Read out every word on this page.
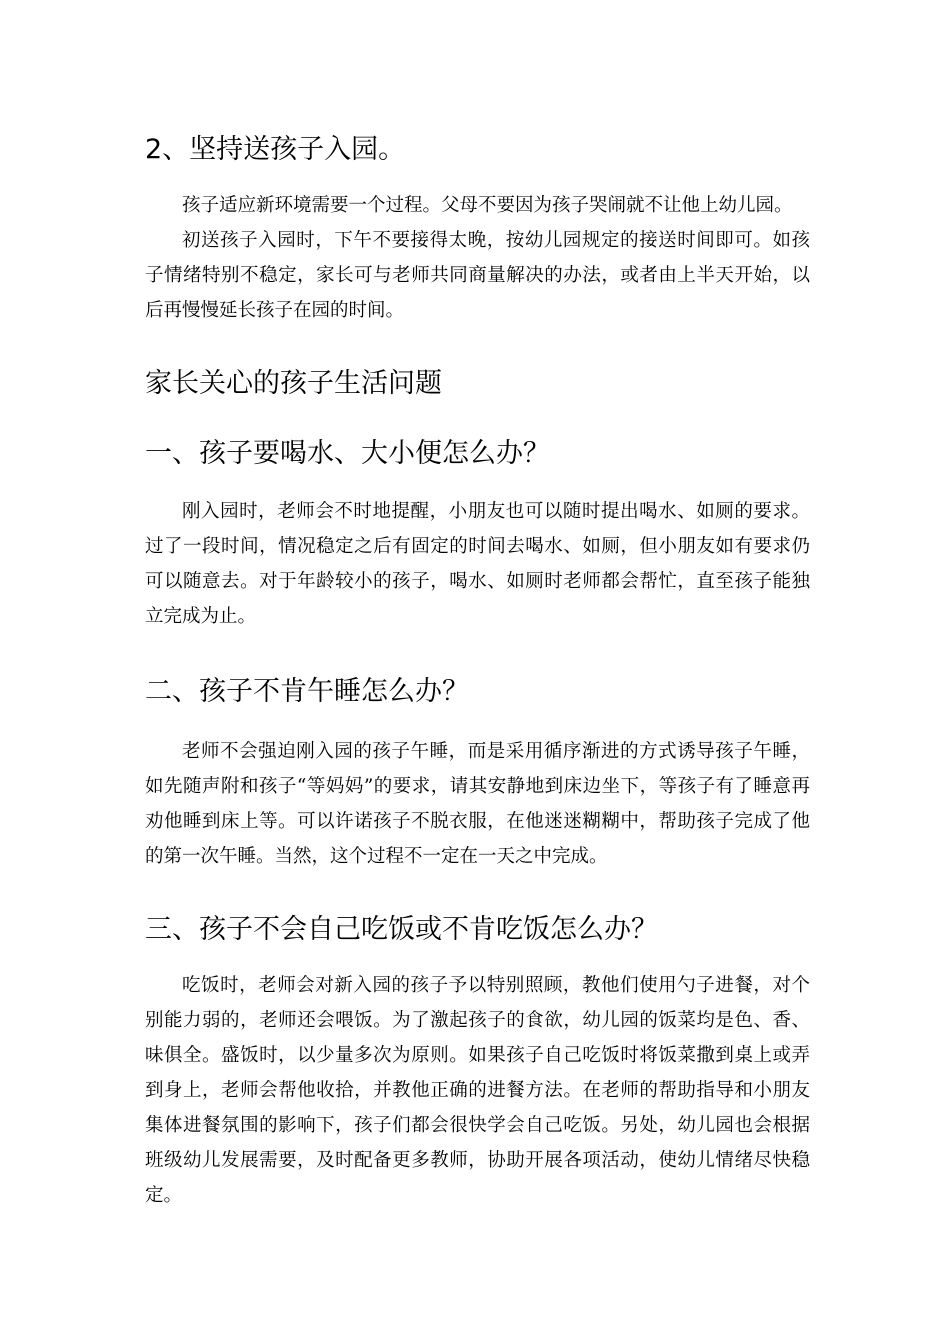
2、坚持送孩子入园。

孩子适应新环境需要一个过程。父母不要因为孩子哭闹就不让他上幼儿园。

初送孩子入园时，下午不要接得太晚，按幼儿园规定的接送时间即可。如孩子情绪特别不稳定，家长可与老师共同商量解决的办法，或者由上半天开始，以后再慢慢延长孩子在园的时间。

家长关心的孩子生活问题
一、孩子要喝水、大小便怎么办？

刚入园时，老师会不时地提醒，小朋友也可以随时提出喝水、如厕的要求。过了一段时间，情况稳定之后有固定的时间去喝水、如厕，但小朋友如有要求仍可以随意去。对于年龄较小的孩子，喝水、如厕时老师都会帮忙，直至孩子能独立完成为止。

二、孩子不肯午睡怎么办？

老师不会强迫刚入园的孩子午睡，而是采用循序渐进的方式诱导孩子午睡，如先随声附和孩子“等妈妈”的要求，请其安静地到床边坐下，等孩子有了睡意再劝他睡到床上等。可以许诺孩子不脱衣服，在他迷迷糊糊中，帮助孩子完成了他的第一次午睡。当然，这个过程不一定在一天之中完成。

三、孩子不会自己吃饭或不肯吃饭怎么办？

吃饭时，老师会对新入园的孩子予以特别照顾，教他们使用勺子进餐，对个别能力弱的，老师还会喂饭。为了激起孩子的食欲，幼儿园的饭菜均是色、香、味俱全。盛饭时，以少量多次为原则。如果孩子自己吃饭时将饭菜撒到桌上或弄到身上，老师会帮他收拾，并教他正确的进餐方法。在老师的帮助指导和小朋友集体进餐氛围的影响下，孩子们都会很快学会自己吃饭。另处，幼儿园也会根据班级幼儿发展需要，及时配备更多教师，协助开展各项活动，使幼儿情绪尽快稳定。
